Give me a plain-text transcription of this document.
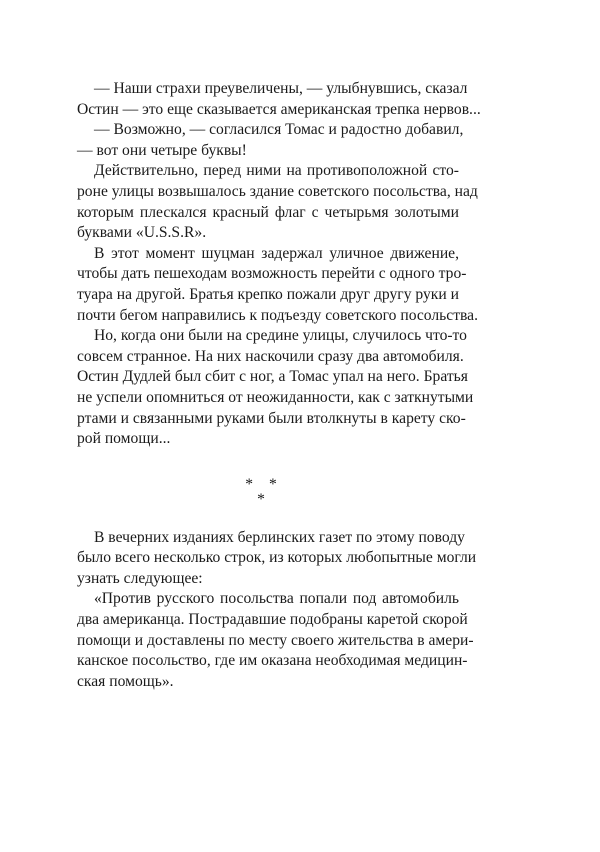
— Наши страхи преувеличены, — улыбнувшись, сказал
Остин — это еще сказывается американская трепка нервов...
— Возможно, — согласился Томас и радостно добавил,
— вот они четыре буквы!
Действительно, перед ними на противоположной сто-
роне улицы возвышалось здание советского посольства, над
которым плескался красный флаг с четырьмя золотыми
буквами «U.S.S.R».
В этот момент шуцман задержал уличное движение,
чтобы дать пешеходам возможность перейти с одного тро-
туара на другой. Братья крепко пожали друг другу руки и
почти бегом направились к подъезду советского посольства.
Но, когда они были на средине улицы, случилось что-то
совсем странное. На них наскочили сразу два автомобиля.
Остин Дудлей был сбит с ног, а Томас упал на него. Братья
не успели опомниться от неожиданности, как с заткнутыми
ртами и связанными руками были втолкнуты в карету ско-
рой помощи...
* *
*
В вечерних изданиях берлинских газет по этому поводу
было всего несколько строк, из которых любопытные могли
узнать следующее:
«Против русского посольства попали под автомобиль
два американца. Пострадавшие подобраны каретой скорой
помощи и доставлены по месту своего жительства в амери-
канское посольство, где им оказана необходимая медицин-
ская помощь».
